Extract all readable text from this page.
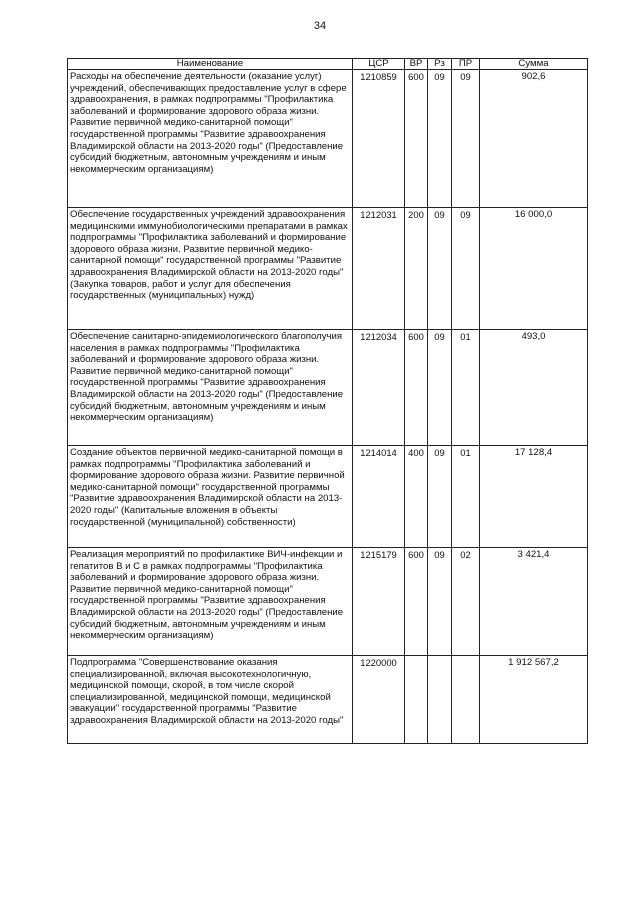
34
Наименование	ЦСР	ВР	Рз	ПР	Сумма
Расходы на обеспечение деятельности (оказание услуг) учреждений, обеспечивающих предоставление услуг в сфере здравоохранения, в рамках подпрограммы "Профилактика заболеваний и формирование здорового образа жизни. Развитие первичной медико-санитарной помощи" государственной программы "Развитие здравоохранения Владимирской области на 2013-2020 годы" (Предоставление субсидий бюджетным, автономным учреждениям и иным некоммерческим организациям)	1210859	600	09	09	902,6
Обеспечение государственных учреждений здравоохранения медицинскими иммунобиологическими препаратами в рамках подпрограммы "Профилактика заболеваний и формирование здорового образа жизни. Развитие первичной медико-санитарной помощи" государственной программы "Развитие здравоохранения Владимирской области на 2013-2020 годы" (Закупка товаров, работ и услуг для обеспечения государственных (муниципальных) нужд)	1212031	200	09	09	16 000,0
Обеспечение санитарно-эпидемиологического благополучия населения в рамках подпрограммы "Профилактика заболеваний и формирование здорового образа жизни. Развитие первичной медико-санитарной помощи" государственной программы "Развитие здравоохранения Владимирской области на 2013-2020 годы" (Предоставление субсидий бюджетным, автономным учреждениям и иным некоммерческим организациям)	1212034	600	09	01	493,0
Создание объектов первичной медико-санитарной помощи в рамках подпрограммы "Профилактика заболеваний и формирование здорового образа жизни. Развитие первичной медико-санитарной помощи" государственной программы "Развитие здравоохранения Владимирской области на 2013-2020 годы" (Капитальные вложения в объекты государственной (муниципальной) собственности)	1214014	400	09	01	17 128,4
Реализация мероприятий по профилактике ВИЧ-инфекции и гепатитов В и С в рамках подпрограммы "Профилактика заболеваний и формирование здорового образа жизни. Развитие первичной медико-санитарной помощи" государственной программы "Развитие здравоохранения Владимирской области на 2013-2020 годы" (Предоставление субсидий бюджетным, автономным учреждениям и иным некоммерческим организациям)	1215179	600	09	02	3 421,4
Подпрограмма "Совершенствование оказания специализированной, включая высокотехнологичную, медицинской помощи, скорой, в том числе скорой специализированной, медицинской помощи, медицинской эвакуации" государственной программы "Развитие здравоохранения Владимирской области на 2013-2020 годы"	1220000				1 912 567,2
